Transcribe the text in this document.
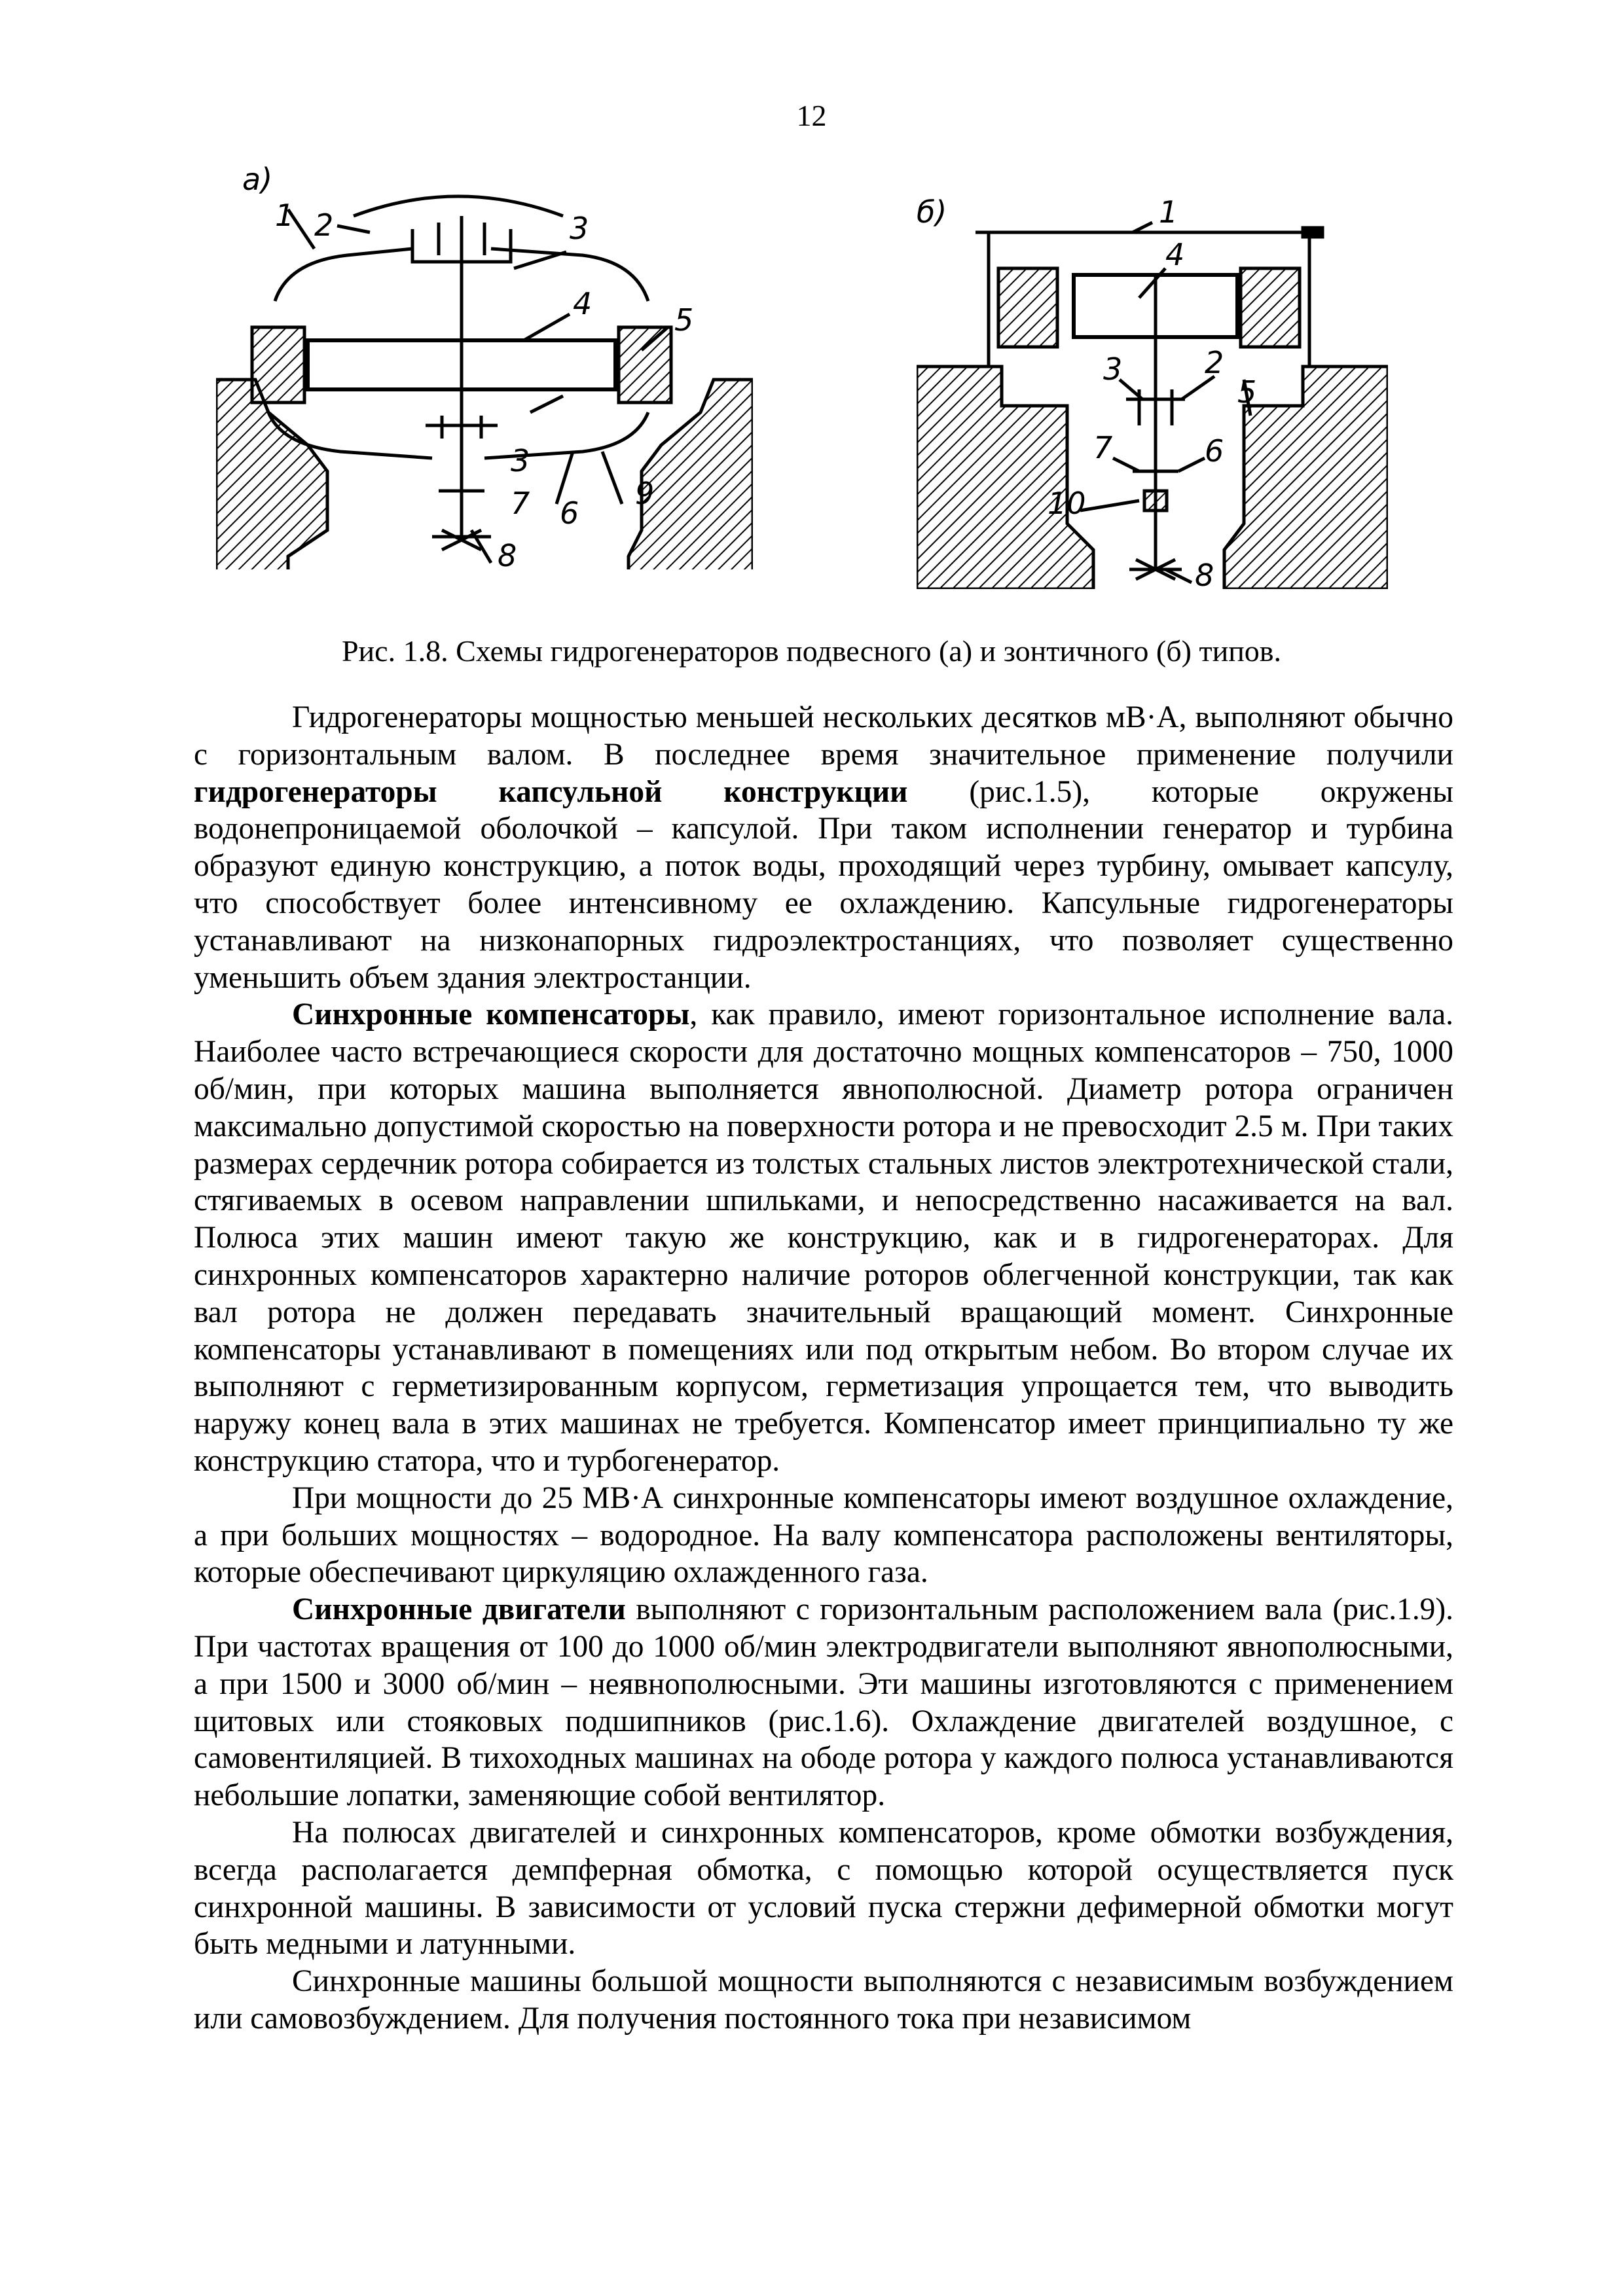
12
а)
1 2	3
4	5
3
7 6
9
8
б)	1
4
3	2
5
7	6
10
8
Рис. 1.8. Схемы гидрогенераторов подвесного (а) и зонтичного (б) типов.

Гидрогенераторы мощностью меньшей нескольких десятков мВ·А, выполняют обычно с горизонтальным валом. В последнее время значительное применение получили гидрогенераторы капсульной конструкции (рис.1.5), которые окружены водонепроницаемой оболочкой – капсулой. При таком исполнении генератор и турбина образуют единую конструкцию, а поток воды, проходящий через турбину, омывает капсулу, что способствует более интенсивному ее охлаждению. Капсульные гидрогенераторы устанавливают на низконапорных гидроэлектростанциях, что позволяет существенно уменьшить объем здания электростанции.

Синхронные компенсаторы, как правило, имеют горизонтальное исполнение вала. Наиболее часто встречающиеся скорости для достаточно мощных компенсаторов – 750, 1000 об/мин, при которых машина выполняется явнополюсной. Диаметр ротора ограничен максимально допустимой скоростью на поверхности ротора и не превосходит 2.5 м. При таких размерах сердечник ротора собирается из толстых стальных листов электротехнической стали, стягиваемых в осевом направлении шпильками, и непосредственно насаживается на вал. Полюса этих машин имеют такую же конструкцию, как и в гидрогенераторах. Для синхронных компенсаторов характерно наличие роторов облегченной конструкции, так как вал ротора не должен передавать значительный вращающий момент. Синхронные компенсаторы устанавливают в помещениях или под открытым небом. Во втором случае их выполняют с герметизированным корпусом, герметизация упрощается тем, что выводить наружу конец вала в этих машинах не требуется. Компенсатор имеет принципиально ту же конструкцию статора, что и турбогенератор.

При мощности до 25 МВ·А синхронные компенсаторы имеют воздушное охлаждение, а при больших мощностях – водородное. На валу компенсатора расположены вентиляторы, которые обеспечивают циркуляцию охлажденного газа.

Синхронные двигатели выполняют с горизонтальным расположением вала (рис.1.9). При частотах вращения от 100 до 1000 об/мин электродвигатели выполняют явнополюсными, а при 1500 и 3000 об/мин – неявнополюсными. Эти машины изготовляются с применением щитовых или стояковых подшипников (рис.1.6). Охлаждение двигателей воздушное, с самовентиляцией. В тихоходных машинах на ободе ротора у каждого полюса устанавливаются небольшие лопатки, заменяющие собой вентилятор.

На полюсах двигателей и синхронных компенсаторов, кроме обмотки возбуждения, всегда располагается демпферная обмотка, с помощью которой осуществляется пуск синхронной машины. В зависимости от условий пуска стержни дефимерной обмотки могут быть медными и латунными.

Синхронные машины большой мощности выполняются с независимым возбуждением или самовозбуждением. Для получения постоянного тока при независимом
